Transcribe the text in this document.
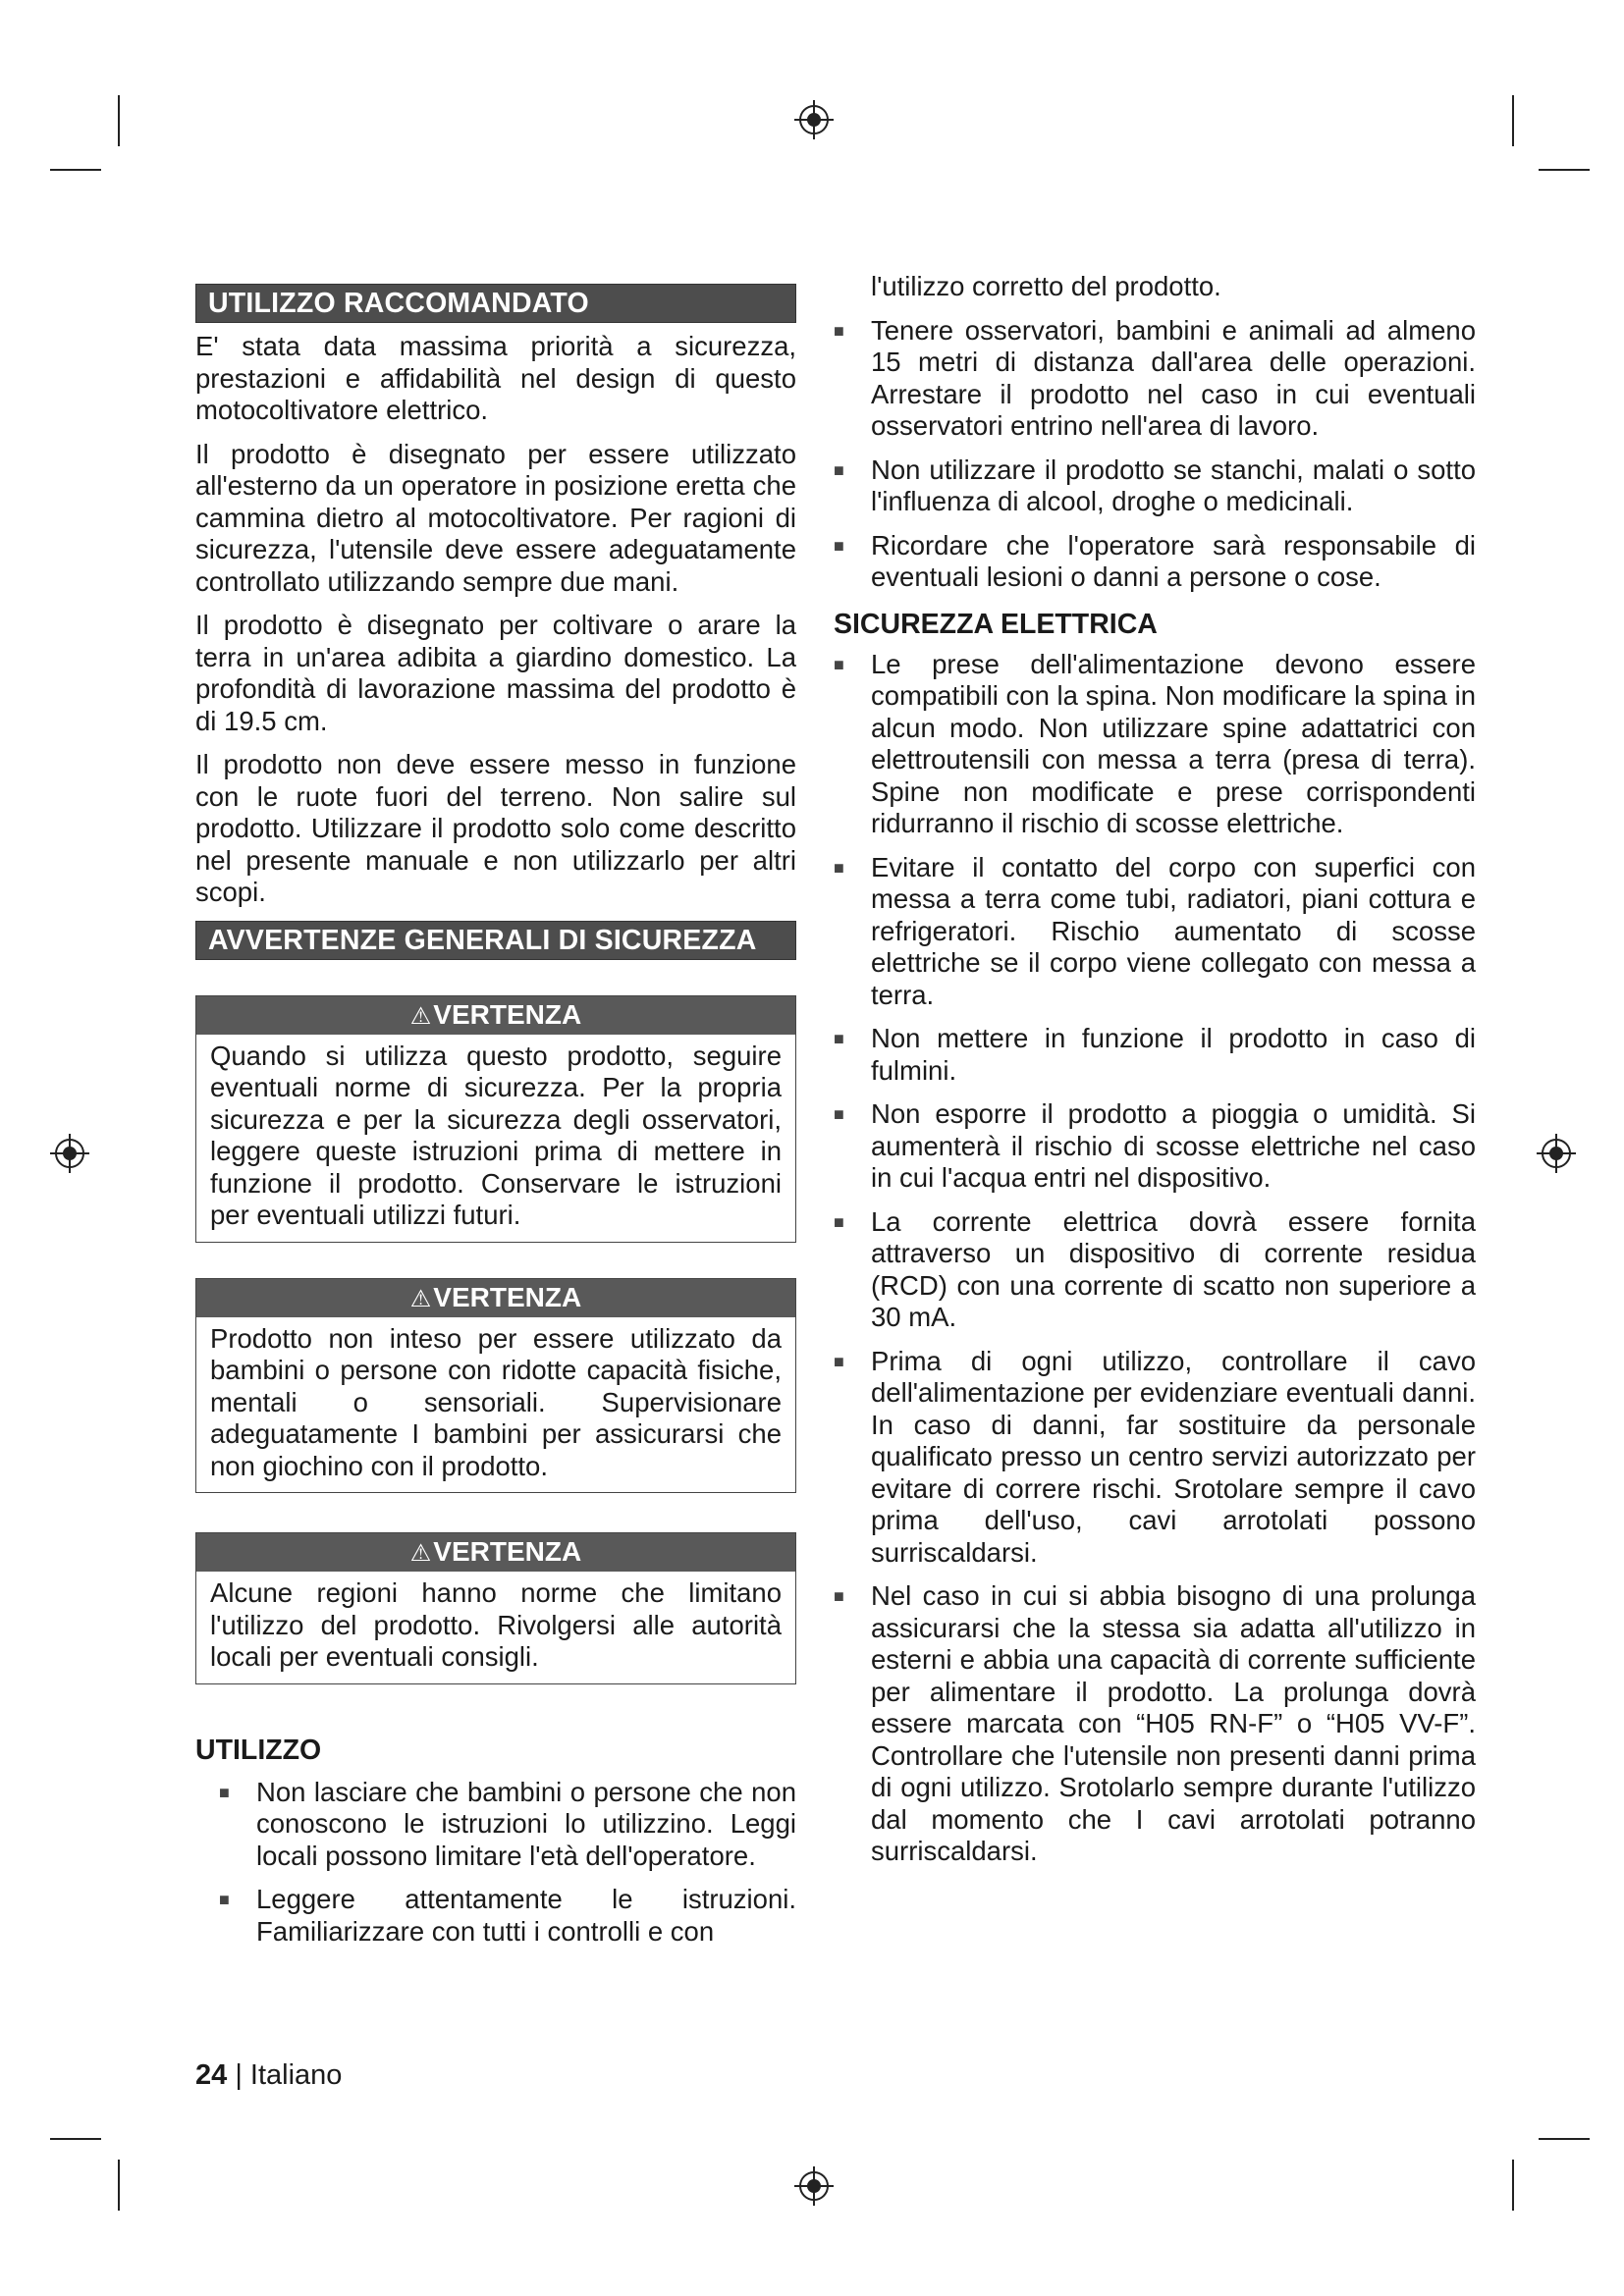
UTILIZZO RACCOMANDATO

E' stata data massima priorità a sicurezza, prestazioni e affidabilità nel design di questo motocoltivatore elettrico.

Il prodotto è disegnato per essere utilizzato all'esterno da un operatore in posizione eretta che cammina dietro al motocoltivatore. Per ragioni di sicurezza, l'utensile deve essere adeguatamente controllato utilizzando sempre due mani.

Il prodotto è disegnato per coltivare o arare la terra in un'area adibita a giardino domestico. La profondità di lavorazione massima del prodotto è di 19.5 cm.

Il prodotto non deve essere messo in funzione con le ruote fuori del terreno. Non salire sul prodotto. Utilizzare il prodotto solo come descritto nel presente manuale e non utilizzarlo per altri scopi.

AVVERTENZE GENERALI DI SICUREZZA
⚠VERTENZA
Quando si utilizza questo prodotto, seguire eventuali norme di sicurezza. Per la propria sicurezza e per la sicurezza degli osservatori, leggere queste istruzioni prima di mettere in funzione il prodotto. Conservare le istruzioni per eventuali utilizzi futuri.
⚠VERTENZA
Prodotto non inteso per essere utilizzato da bambini o persone con ridotte capacità fisiche, mentali o sensoriali. Supervisionare adeguatamente I bambini per assicurarsi che non giochino con il prodotto.
⚠VERTENZA
Alcune regioni hanno norme che limitano l'utilizzo del prodotto. Rivolgersi alle autorità locali per eventuali consigli.
UTILIZZO
■ Non lasciare che bambini o persone che non conoscono le istruzioni lo utilizzino. Leggi locali possono limitare l'età dell'operatore.
■ Leggere attentamente le istruzioni. Familiarizzare con tutti i controlli e con

l'utilizzo corretto del prodotto.

■ Tenere osservatori, bambini e animali ad almeno 15 metri di distanza dall'area delle operazioni. Arrestare il prodotto nel caso in cui eventuali osservatori entrino nell'area di lavoro.
■ Non utilizzare il prodotto se stanchi, malati o sotto l'influenza di alcool, droghe o medicinali.
■ Ricordare che l'operatore sarà responsabile di eventuali lesioni o danni a persone o cose.
SICUREZZA ELETTRICA
■ Le prese dell'alimentazione devono essere compatibili con la spina. Non modificare la spina in alcun modo. Non utilizzare spine adattatrici con elettroutensili con messa a terra (presa di terra). Spine non modificate e prese corrispondenti ridurranno il rischio di scosse elettriche.
■ Evitare il contatto del corpo con superfici con messa a terra come tubi, radiatori, piani cottura e refrigeratori. Rischio aumentato di scosse elettriche se il corpo viene collegato con messa a terra.
■ Non mettere in funzione il prodotto in caso di fulmini.
■ Non esporre il prodotto a pioggia o umidità. Si aumenterà il rischio di scosse elettriche nel caso in cui l'acqua entri nel dispositivo.
■ La corrente elettrica dovrà essere fornita attraverso un dispositivo di corrente residua (RCD) con una corrente di scatto non superiore a 30 mA.
■ Prima di ogni utilizzo, controllare il cavo dell'alimentazione per evidenziare eventuali danni. In caso di danni, far sostituire da personale qualificato presso un centro servizi autorizzato per evitare di correre rischi. Srotolare sempre il cavo prima dell'uso, cavi arrotolati possono surriscaldarsi.
■ Nel caso in cui si abbia bisogno di una prolunga assicurarsi che la stessa sia adatta all'utilizzo in esterni e abbia una capacità di corrente sufficiente per alimentare il prodotto. La prolunga dovrà essere marcata con “H05 RN-F” o “H05 VV-F”. Controllare che l'utensile non presenti danni prima di ogni utilizzo. Srotolarlo sempre durante l'utilizzo dal momento che I cavi arrotolati potranno surriscaldarsi.
24 | Italiano
